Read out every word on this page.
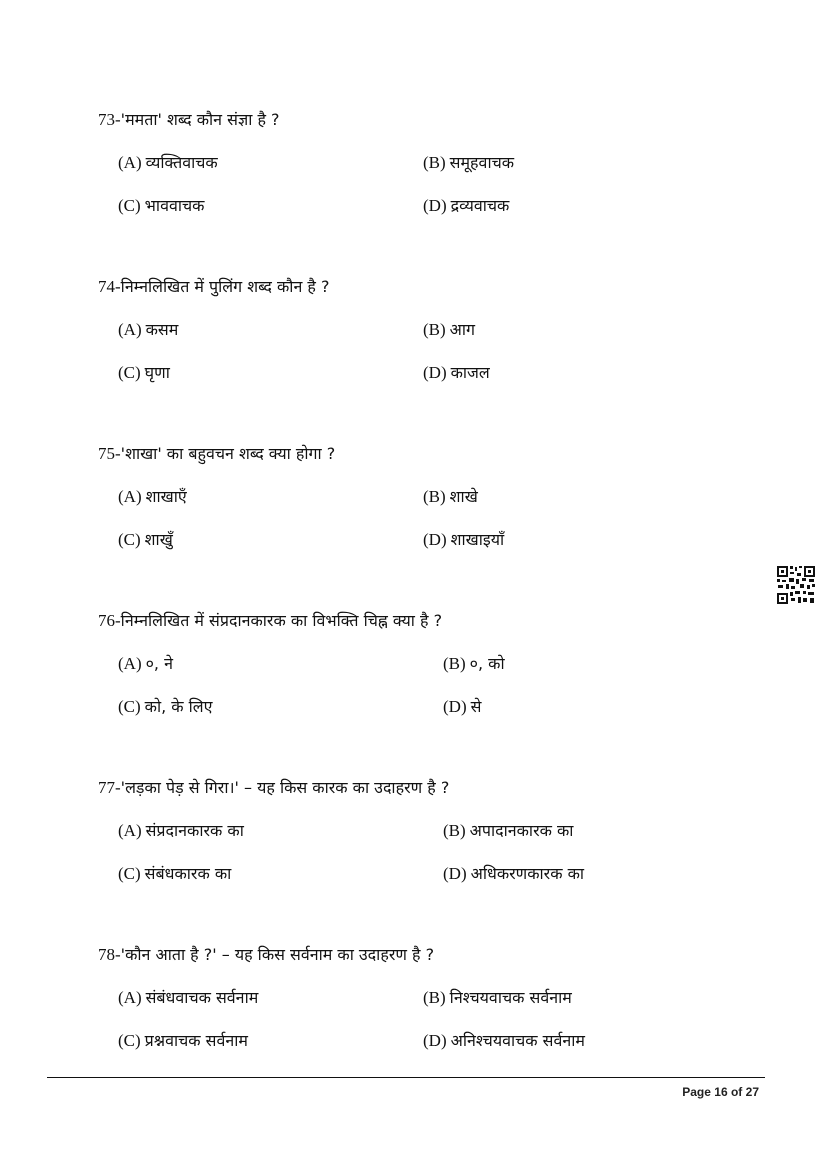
73-'ममता' शब्द कौन संज्ञा है ?
(A) व्यक्तिवाचक	(B) समूहवाचक
(C) भाववाचक	(D) द्रव्यवाचक
74-निम्नलिखित में पुलिंग शब्द कौन है ?
(A) कसम	(B) आग
(C) घृणा	(D) काजल
75-'शाखा' का बहुवचन शब्द क्या होगा ?
(A) शाखाएँ	(B) शाखे
(C) शाखुँ	(D) शाखाइयाँ
76-निम्नलिखित में संप्रदानकारक का विभक्ति चिह्न क्या है ?
(A) ०, ने	(B) ०, को
(C) को, के लिए	(D) से
77-'लड़का पेड़ से गिरा।' – यह किस कारक का उदाहरण है ?
(A) संप्रदानकारक का	(B) अपादानकारक का
(C) संबंधकारक का	(D) अधिकरणकारक का
78-'कौन आता है ?' – यह किस सर्वनाम का उदाहरण है ?
(A) संबंधवाचक सर्वनाम	(B) निश्चयवाचक सर्वनाम
(C) प्रश्नवाचक सर्वनाम	(D) अनिश्चयवाचक सर्वनाम
Page 16 of 27
